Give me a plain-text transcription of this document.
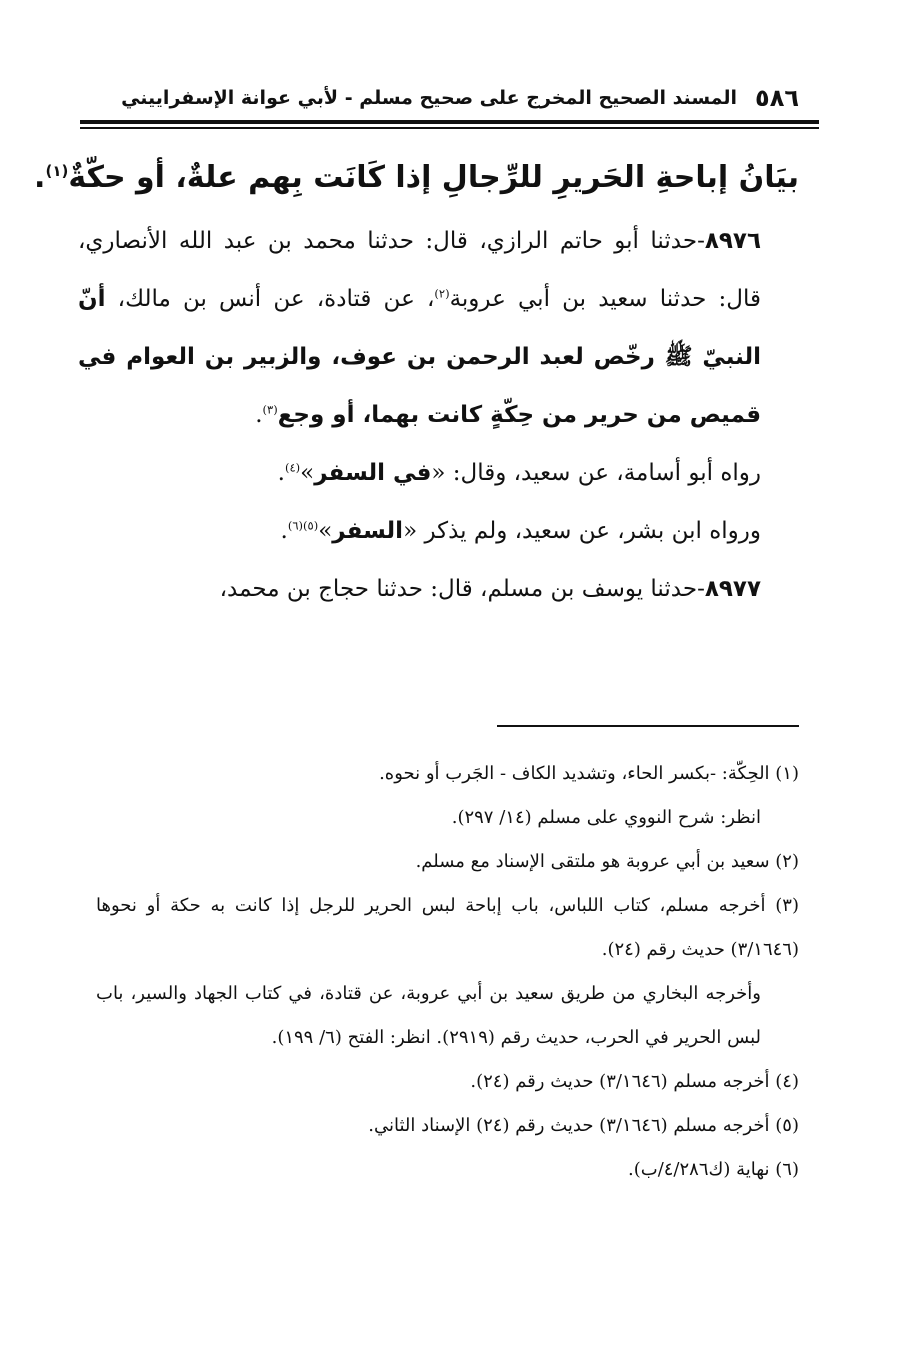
٥٨٦
المسند الصحيح المخرج على صحيح مسلم - لأبي عوانة الإسفراييني
بيَانُ إباحةِ الحَريرِ للرِّجالِ إذا كَانَت بِهم علةٌ، أو حكّةٌ$^{(١)}$.

٨٩٧٦-حدثنا أبو حاتم الرازي، قال: حدثنا محمد بن عبد الله الأنصاري، قال: حدثنا سعيد بن أبي عروبة$^{(٢)}$، عن قتادة، عن أنس بن مالك، أنّ النبيّ ﷺ رخّص لعبد الرحمن بن عوف، والزبير بن العوام في قميص من حرير من حِكّةٍ كانت بهما، أو وجع$^{(٣)}$.

رواه أبو أسامة، عن سعيد، وقال: «في السفر»$^{(٤)}$.

ورواه ابن بشر، عن سعيد، ولم يذكر «السفر»$^{(٥)(٦)}$.

٨٩٧٧-حدثنا يوسف بن مسلم، قال: حدثنا حجاج بن محمد،

(١) الحِكّة: -بكسر الحاء، وتشديد الكاف - الجَرب أو نحوه.

انظر: شرح النووي على مسلم (١٤/ ٢٩٧).

(٢) سعيد بن أبي عروبة هو ملتقى الإسناد مع مسلم.

(٣) أخرجه مسلم، كتاب اللباس، باب إباحة لبس الحرير للرجل إذا كانت به حكة أو نحوها (٣/١٦٤٦) حديث رقم (٢٤).

وأخرجه البخاري من طريق سعيد بن أبي عروبة، عن قتادة، في كتاب الجهاد والسير، باب لبس الحرير في الحرب، حديث رقم (٢٩١٩). انظر: الفتح (٦/ ١٩٩).

(٤) أخرجه مسلم (٣/١٦٤٦) حديث رقم (٢٤).

(٥) أخرجه مسلم (٣/١٦٤٦) حديث رقم (٢٤) الإسناد الثاني.

(٦) نهاية (ك٤/٢٨٦/ب).
